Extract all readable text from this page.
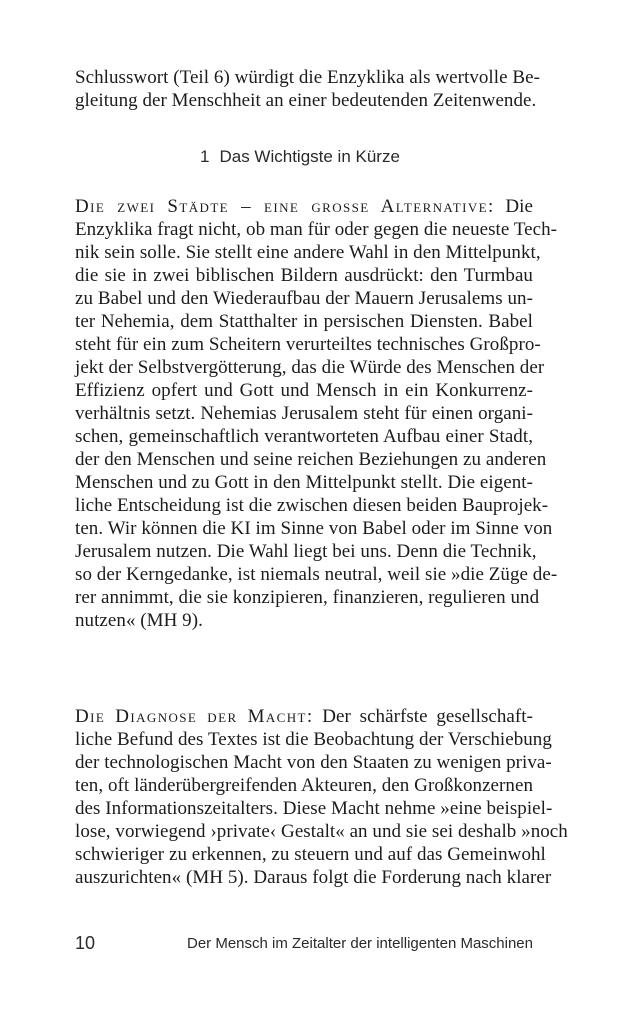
Schlusswort (Teil 6) würdigt die Enzyklika als wertvolle Be-
gleitung der Menschheit an einer bedeutenden Zeitenwende.
1 Das Wichtigste in Kürze
Die zwei Städte – eine grosse Alternative: Die
Enzyklika fragt nicht, ob man für oder gegen die neueste Tech-
nik sein solle. Sie stellt eine andere Wahl in den Mittelpunkt,
die sie in zwei biblischen Bildern ausdrückt: den Turmbau
zu Babel und den Wiederaufbau der Mauern Jerusalems un-
ter Nehemia, dem Statthalter in persischen Diensten. Babel
steht für ein zum Scheitern verurteiltes technisches Großpro-
jekt der Selbstvergötterung, das die Würde des Menschen der
Effizienz opfert und Gott und Mensch in ein Konkurrenz-
verhältnis setzt. Nehemias Jerusalem steht für einen organi-
schen, gemeinschaftlich verantworteten Aufbau einer Stadt,
der den Menschen und seine reichen Beziehungen zu anderen
Menschen und zu Gott in den Mittelpunkt stellt. Die eigent-
liche Entscheidung ist die zwischen diesen beiden Bauprojek-
ten. Wir können die KI im Sinne von Babel oder im Sinne von
Jerusalem nutzen. Die Wahl liegt bei uns. Denn die Technik,
so der Kerngedanke, ist niemals neutral, weil sie »die Züge de-
rer annimmt, die sie konzipieren, finanzieren, regulieren und
nutzen« (MH 9).
Die Diagnose der Macht: Der schärfste gesellschaft-
liche Befund des Textes ist die Beobachtung der Verschiebung
der technologischen Macht von den Staaten zu wenigen priva-
ten, oft länderübergreifenden Akteuren, den Großkonzernen
des Informationszeitalters. Diese Macht nehme »eine beispiel-
lose, vorwiegend ›private‹ Gestalt« an und sie sei deshalb »noch
schwieriger zu erkennen, zu steuern und auf das Gemeinwohl
auszurichten« (MH 5). Daraus folgt die Forderung nach klarer
10	Der Mensch im Zeitalter der intelligenten Maschinen
